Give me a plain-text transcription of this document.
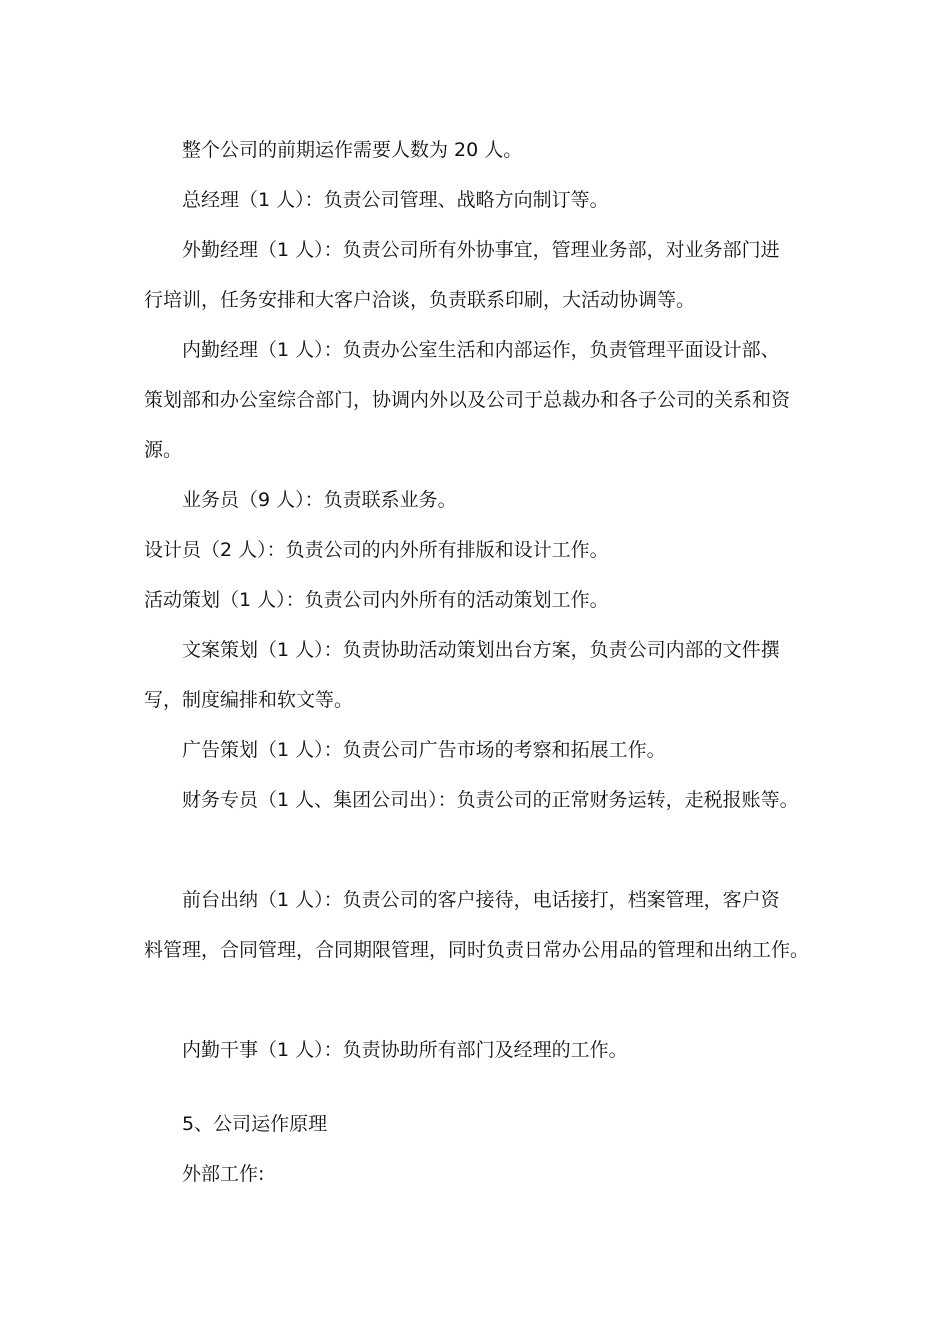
整个公司的前期运作需要人数为 20 人。
总经理（1 人）：负责公司管理、战略方向制订等。
外勤经理（1 人）：负责公司所有外协事宜，管理业务部，对业务部门进
行培训，任务安排和大客户洽谈，负责联系印刷，大活动协调等。
内勤经理（1 人）：负责办公室生活和内部运作，负责管理平面设计部、
策划部和办公室综合部门，协调内外以及公司于总裁办和各子公司的关系和资
源。
业务员（9 人）：负责联系业务。
设计员（2 人）：负责公司的内外所有排版和设计工作。
活动策划（1 人）：负责公司内外所有的活动策划工作。
文案策划（1 人）：负责协助活动策划出台方案，负责公司内部的文件撰
写，制度编排和软文等。
广告策划（1 人）：负责公司广告市场的考察和拓展工作。
财务专员（1 人、集团公司出）：负责公司的正常财务运转，走税报账等。
前台出纳（1 人）：负责公司的客户接待，电话接打，档案管理，客户资
料管理，合同管理，合同期限管理，同时负责日常办公用品的管理和出纳工作。
内勤干事（1 人）：负责协助所有部门及经理的工作。
5、公司运作原理
外部工作:
